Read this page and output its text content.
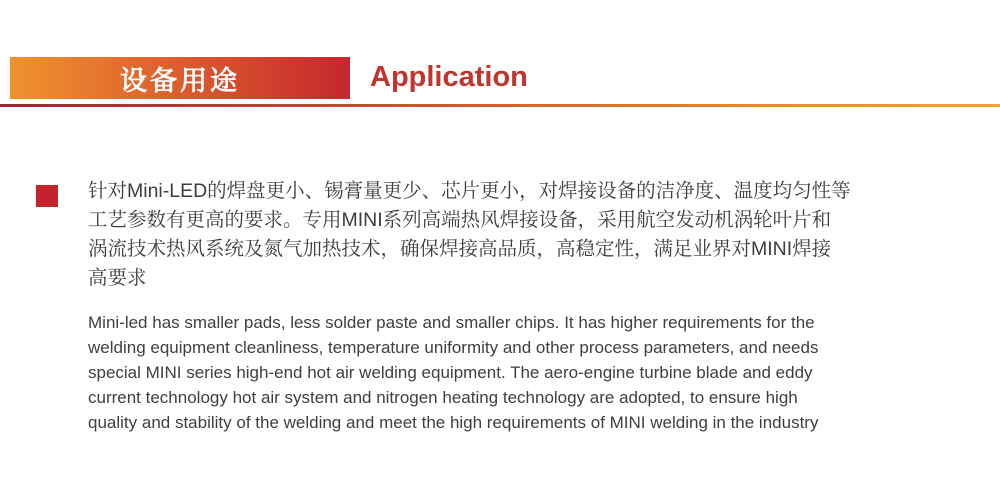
设备用途	Application
针对Mini-LED的焊盘更小、锡膏量更少、芯片更小，对焊接设备的洁净度、温度均匀性等
工艺参数有更高的要求。专用MINI系列高端热风焊接设备，采用航空发动机涡轮叶片和
涡流技术热风系统及氮气加热技术，确保焊接高品质，高稳定性，满足业界对MINI焊接
高要求
Mini-led has smaller pads, less solder paste and smaller chips. It has higher requirements for the
welding equipment cleanliness, temperature uniformity and other process parameters, and needs
special MINI series high-end hot air welding equipment. The aero-engine turbine blade and eddy
current technology hot air system and nitrogen heating technology are adopted, to ensure high
quality and stability of the welding and meet the high requirements of MINI welding in the industry
